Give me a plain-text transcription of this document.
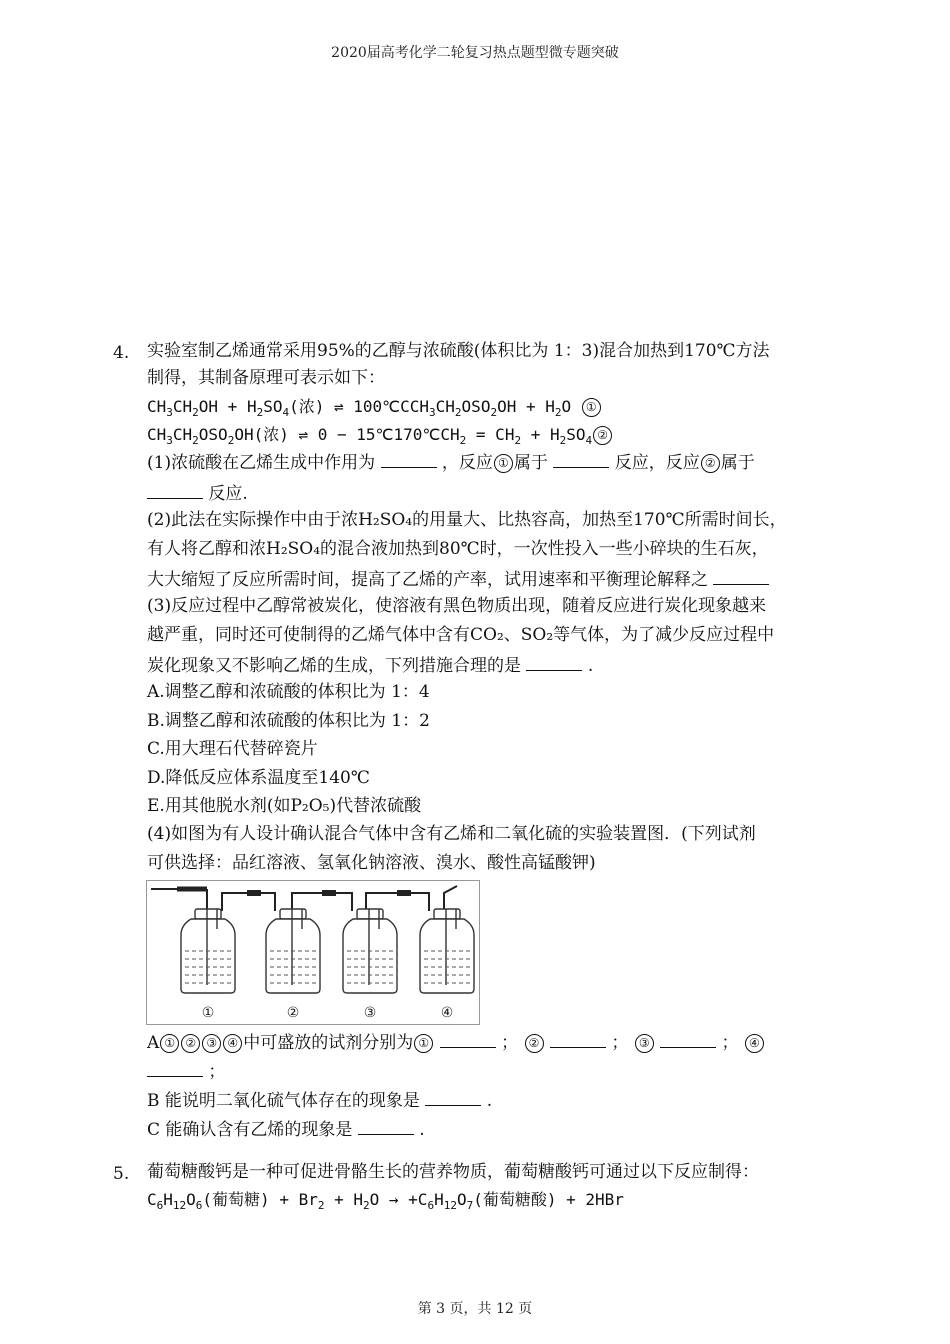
2020届高考化学二轮复习热点题型微专题突破
4. 实验室制乙烯通常采用95%的乙醇与浓硫酸(体积比为 1：3)混合加热到170℃方法
制得，其制备原理可表示如下：
$CH_3CH_2OH + H_2SO_4$(浓) ⇌ $100℃CCH_3CH_2OSO_2OH + H_2O$ ①
$CH_3CH_2OSO_2OH$(浓) ⇌ $0 - 15℃170℃CH_2 = CH_2 + H_2SO_4$ ②
(1)浓硫酸在乙烯生成中作用为	，反应 ① 属于	反应，反应 ② 属于
反应.
(2)此法在实际操作中由于浓H₂SO₄的用量大、比热容高，加热至170℃所需时间长，
有人将乙醇和浓H₂SO₄的混合液加热到80℃时，一次性投入一些小碎块的生石灰，
大大缩短了反应所需时间，提高了乙烯的产率，试用速率和平衡理论解释之
(3)反应过程中乙醇常被炭化，使溶液有黑色物质出现，随着反应进行炭化现象越来
越严重，同时还可使制得的乙烯气体中含有CO₂、SO₂等气体，为了减少反应过程中
炭化现象又不影响乙烯的生成，下列措施合理的是	.
A.调整乙醇和浓硫酸的体积比为 1：4
B.调整乙醇和浓硫酸的体积比为 1：2
C.用大理石代替碎瓷片
D.降低反应体系温度至140℃
E.用其他脱水剂(如P₂O₅)代替浓硫酸
(4)如图为有人设计确认混合气体中含有乙烯和二氧化硫的实验装置图．(下列试剂
可供选择：品红溶液、氢氧化钠溶液、溴水、酸性高锰酸钾)
①	②	③	④
A ① ② ③ ④ 中可盛放的试剂分别为 ①	； ②	； ③	； ④
；
B 能说明二氧化硫气体存在的现象是	.
C 能确认含有乙烯的现象是	.
5. 葡萄糖酸钙是一种可促进骨骼生长的营养物质，葡萄糖酸钙可通过以下反应制得：
$C_6H_{12}O_6$(葡萄糖) + $Br_2 + H_2O \to +C_6H_{12}O_7$(葡萄糖酸) + 2HBr
第 3 页，共 12 页
